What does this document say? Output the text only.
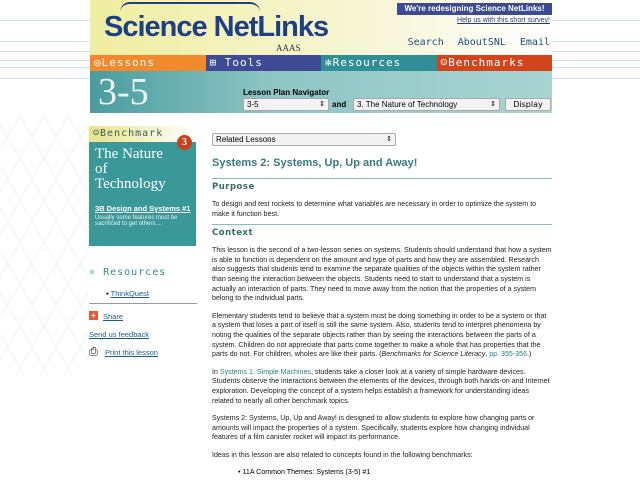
Science NetLinks
AAAS
We're redesigning Science NetLinks!
Help us with this short survey!
Search AboutSNL Email
◎Lessons	⊞ Tools	✻Resources	☺Benchmarks
3-5	Lesson Plan Navigator
3-5	⇕ and 3. The Nature of Technology	⇕	Display
☺Benchmark
3
The Nature of Technology
3B Design and Systems #1
Usually some features must be sacrificed to get others....
⚛ Resources
▪ ThinkQuest
+ Share
Send us feedback
⎙ Print this lesson
Related Lessons	⇕
Systems 2: Systems, Up, Up and Away!
Purpose

To design and test rockets to determine what variables are necessary in order to optimize the system to make it function best.

Context

This lesson is the second of a two-lesson series on systems. Students should understand that how a system is able to function is dependent on the amount and type of parts and how they are assembled. Research also suggests that students tend to examine the separate qualities of the objects within the system rather than seeing the interaction between the objects. Students need to start to understand that a system is actually an interaction of parts. They need to move away from the notion that the properties of a system belong to the individual parts.

Elementary students tend to believe that a system must be doing something in order to be a system or that a system that loses a part of itself is still the same system. Also, students tend to interpret phenomena by noting the qualities of the separate objects rather than by seeing the interactions between the parts of a system. Children do not appreciate that parts come together to make a whole that has properties that the parts do not. For children, wholes are like their parts. (Benchmarks for Science Literacy, pp. 355-356.)

In Systems 1: Simple Machines, students take a closer look at a variety of simple hardware devices. Students observe the interactions between the elements of the devices, through both hands-on and Internet exploration. Developing the concept of a system helps establish a framework for understanding ideas related to nearly all other benchmark topics.

Systems 2: Systems, Up, Up and Away! is designed to allow students to explore how changing parts or amounts will impact the properties of a system. Specifically, students explore how changing individual features of a film canister rocket will impact its performance.

Ideas in this lesson are also related to concepts found in the following benchmarks:

• 11A Common Themes: Systems (3-5) #1
